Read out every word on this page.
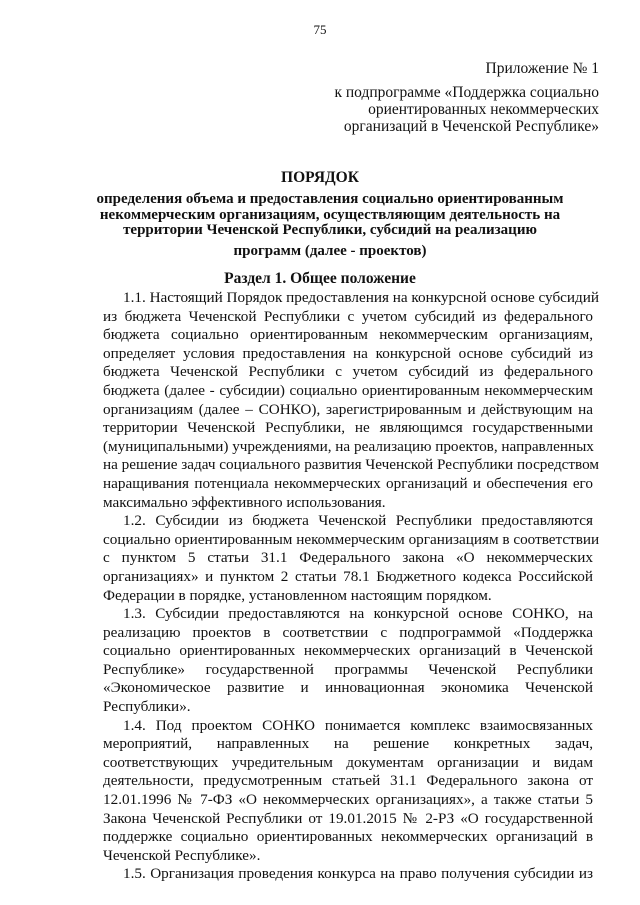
75
Приложение № 1
к подпрограмме «Поддержка социально
ориентированных некоммерческих
организаций в Чеченской Республике»
ПОРЯДОК
определения объема и предоставления социально ориентированным
некоммерческим организациям, осуществляющим деятельность на
территории Чеченской Республики, субсидий на реализацию
программ (далее - проектов)
Раздел 1. Общее положение
1.1. Настоящий Порядок предоставления на конкурсной основе субсидий
из бюджета Чеченской Республики с учетом субсидий из федерального
бюджета социально ориентированным некоммерческим организациям,
определяет условия предоставления на конкурсной основе субсидий из
бюджета Чеченской Республики с учетом субсидий из федерального
бюджета (далее - субсидии) социально ориентированным некоммерческим
организациям (далее – СОНКО), зарегистрированным и действующим на
территории Чеченской Республики, не являющимся государственными
(муниципальными) учреждениями, на реализацию проектов, направленных
на решение задач социального развития Чеченской Республики посредством
наращивания потенциала некоммерческих организаций и обеспечения его
максимально эффективного использования.
1.2. Субсидии из бюджета Чеченской Республики предоставляются
социально ориентированным некоммерческим организациям в соответствии
с пунктом 5 статьи 31.1 Федерального закона «О некоммерческих
организациях» и пунктом 2 статьи 78.1 Бюджетного кодекса Российской
Федерации в порядке, установленном настоящим порядком.
1.3. Субсидии предоставляются на конкурсной основе СОНКО, на
реализацию проектов в соответствии с подпрограммой «Поддержка
социально ориентированных некоммерческих организаций в Чеченской
Республике» государственной программы Чеченской Республики
«Экономическое развитие и инновационная экономика Чеченской
Республики».
1.4. Под проектом СОНКО понимается комплекс взаимосвязанных
мероприятий, направленных на решение конкретных задач,
соответствующих учредительным документам организации и видам
деятельности, предусмотренным статьей 31.1 Федерального закона от
12.01.1996 № 7-ФЗ «О некоммерческих организациях», а также статьи 5
Закона Чеченской Республики от 19.01.2015 № 2-РЗ «О государственной
поддержке социально ориентированных некоммерческих организаций в
Чеченской Республике».
1.5. Организация проведения конкурса на право получения субсидии из
